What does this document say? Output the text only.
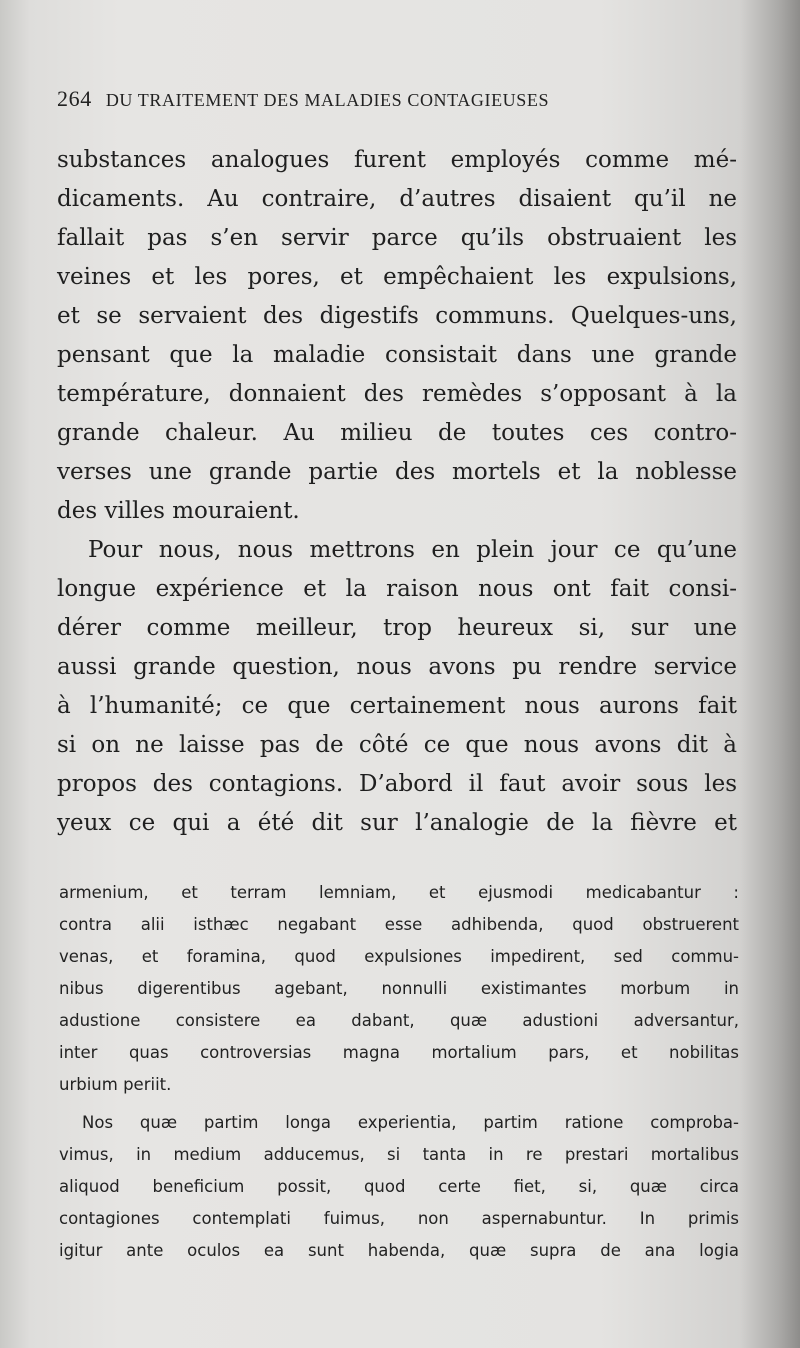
264 DU TRAITEMENT DES MALADIES CONTAGIEUSES
substances analogues furent employés comme mé-
dicaments. Au contraire, d’autres disaient qu’il ne
fallait pas s’en servir parce qu’ils obstruaient les
veines et les pores, et empêchaient les expulsions,
et se servaient des digestifs communs. Quelques-uns,
pensant que la maladie consistait dans une grande
température, donnaient des remèdes s’opposant à la
grande chaleur. Au milieu de toutes ces contro-
verses une grande partie des mortels et la noblesse
des villes mouraient.
Pour nous, nous mettrons en plein jour ce qu’une
longue expérience et la raison nous ont fait consi-
dérer comme meilleur, trop heureux si, sur une
aussi grande question, nous avons pu rendre service
à l’humanité; ce que certainement nous aurons fait
si on ne laisse pas de côté ce que nous avons dit à
propos des contagions. D’abord il faut avoir sous les
yeux ce qui a été dit sur l’analogie de la fièvre et
armenium, et terram lemniam, et ejusmodi medicabantur :
contra alii isthæc negabant esse adhibenda, quod obstruerent
venas, et foramina, quod expulsiones impedirent, sed commu-
nibus digerentibus agebant, nonnulli existimantes morbum in
adustione consistere ea dabant, quæ adustioni adversantur,
inter quas controversias magna mortalium pars, et nobilitas
urbium periit.
Nos quæ partim longa experientia, partim ratione comproba-
vimus, in medium adducemus, si tanta in re prestari mortalibus
aliquod beneficium possit, quod certe fiet, si, quæ circa
contagiones contemplati fuimus, non aspernabuntur. In primis
igitur ante oculos ea sunt habenda, quæ supra de ana logia
